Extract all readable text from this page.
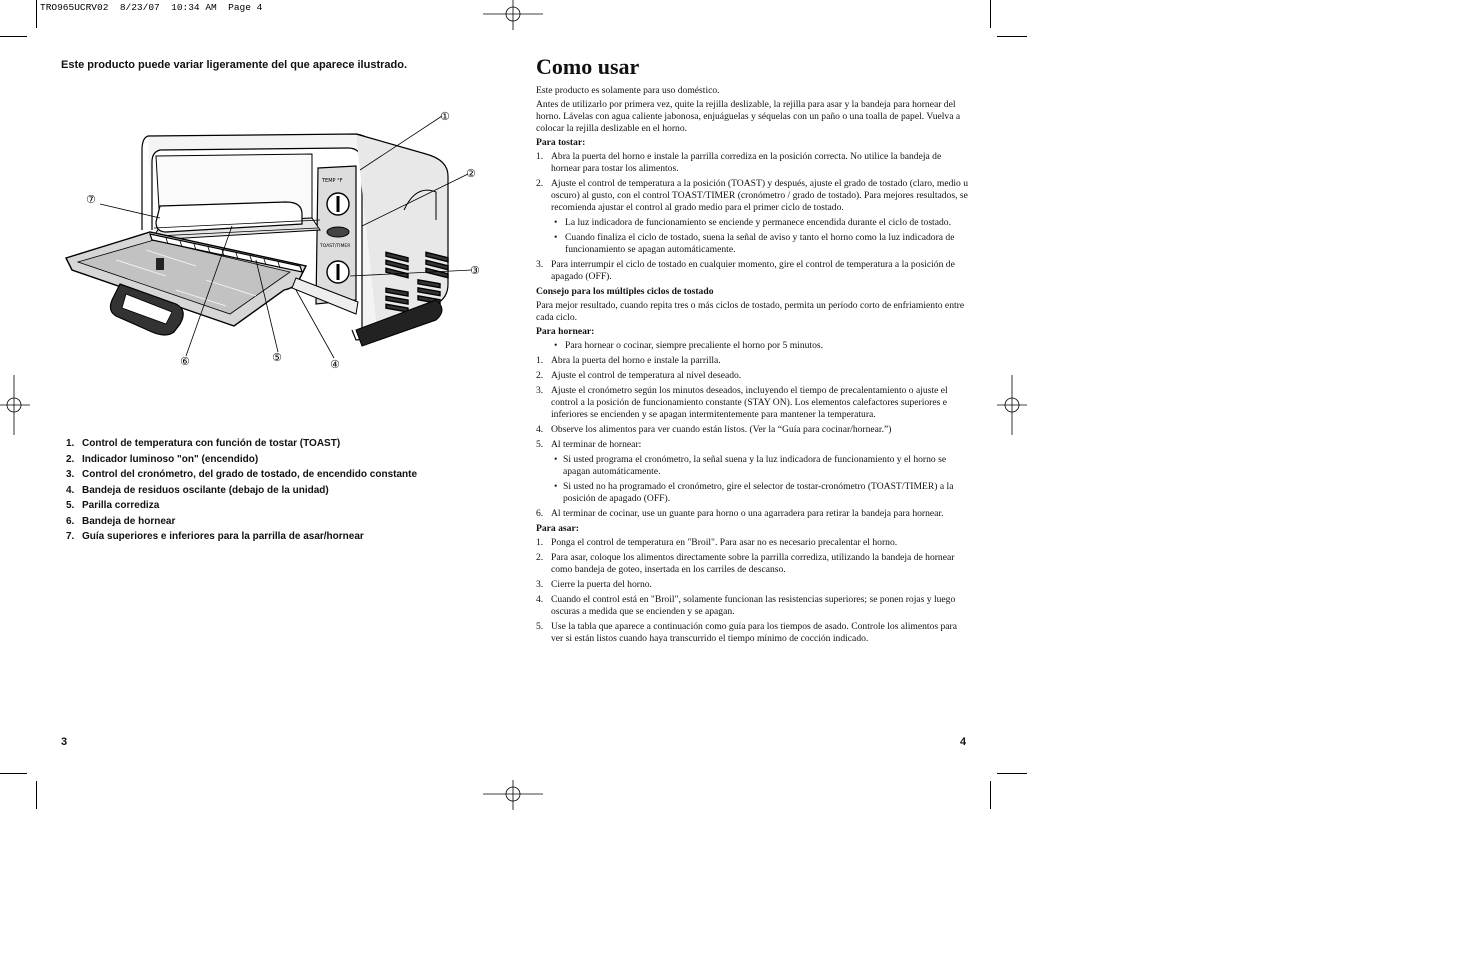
TRO965UCRV02  8/23/07  10:34 AM  Page 4
Este producto puede variar ligeramente del que aparece ilustrado.
TEMP °F
TOAST/TIMER
①
②
③
④
⑤
⑥
⑦
1. Control de temperatura con función de tostar (TOAST)
2. Indicador luminoso "on" (encendido)
3. Control del cronómetro, del grado de tostado, de encendido constante
4. Bandeja de residuos oscilante (debajo de la unidad)
5. Parilla corrediza
6. Bandeja de hornear
7. Guía superiores e inferiores para la parrilla de asar/hornear
3
Como usar

Este producto es solamente para uso doméstico.

Antes de utilizarlo por primera vez, quite la rejilla deslizable, la rejilla para asar y la bandeja para hornear del horno. Lávelas con agua caliente jabonosa, enjuáguelas y séquelas con un paño o una toalla de papel. Vuelva a colocar la rejilla deslizable en el horno.

Para tostar:
1. Abra la puerta del horno e instale la parrilla corrediza en la posición correcta. No utilice la bandeja de hornear para tostar los alimentos.
2. Ajuste el control de temperatura a la posición (TOAST) y después, ajuste el grado de tostado (claro, medio u oscuro) al gusto, con el control TOAST/TIMER (cronómetro / grado de tostado). Para mejores resultados, se recomienda ajustar el control al grado medio para el primer ciclo de tostado.
• La luz indicadora de funcionamiento se enciende y permanece encendida durante el ciclo de tostado.
• Cuando finaliza el ciclo de tostado, suena la señal de aviso y tanto el horno como la luz indicadora de funcionamiento se apagan automáticamente.
3. Para interrumpir el ciclo de tostado en cualquier momento, gire el control de temperatura a la posición de apagado (OFF).
Consejo para los múltiples ciclos de tostado

Para mejor resultado, cuando repita tres o más ciclos de tostado, permita un período corto de enfriamiento entre cada ciclo.

Para hornear:
• Para hornear o cocinar, siempre precaliente el horno por 5 minutos.
1. Abra la puerta del horno e instale la parrilla.
2. Ajuste el control de temperatura al nivel deseado.
3. Ajuste el cronómetro según los minutos deseados, incluyendo el tiempo de precalentamiento o ajuste el control a la posición de funcionamiento constante (STAY ON). Los elementos calefactores superiores e inferiores se encienden y se apagan intermitentemente para mantener la temperatura.
4. Observe los alimentos para ver cuando están listos. (Ver la “Guía para cocinar/hornear.”)
5. Al terminar de hornear:
• Si usted programa el cronómetro, la señal suena y la luz indicadora de funcionamiento y el horno se apagan automáticamente.
• Si usted no ha programado el cronómetro, gire el selector de tostar-cronómetro (TOAST/TIMER) a la posición de apagado (OFF).
6. Al terminar de cocinar, use un guante para horno o una agarradera para retirar la bandeja para hornear.
Para asar:
1. Ponga el control de temperatura en "Broil". Para asar no es necesario precalentar el horno.
2. Para asar, coloque los alimentos directamente sobre la parrilla corrediza, utilizando la bandeja de hornear como bandeja de goteo, insertada en los carriles de descanso.
3. Cierre la puerta del horno.
4. Cuando el control está en "Broil", solamente funcionan las resistencias superiores; se ponen rojas y luego oscuras a medida que se encienden y se apagan.
5. Use la tabla que aparece a continuación como guía para los tiempos de asado. Controle los alimentos para ver si están listos cuando haya transcurrido el tiempo mínimo de cocción indicado.
4
